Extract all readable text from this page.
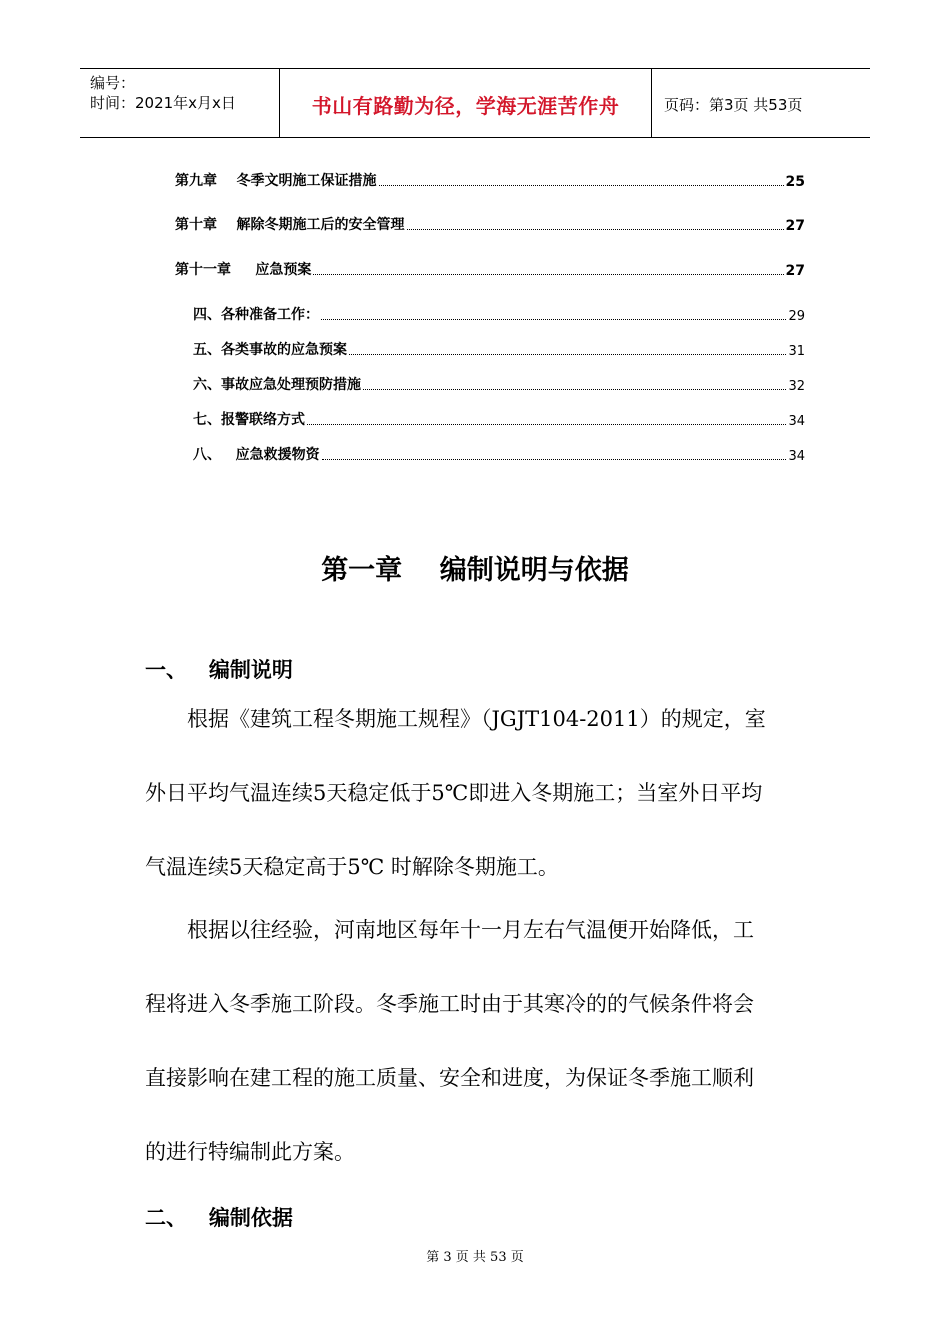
编号：
时间：2021年x月x日	书山有路勤为径，学海无涯苦作舟	页码：第3页 共53页
第九章    冬季文明施工保证措施	25
第十章    解除冬期施工后的安全管理	27
第十一章     应急预案	27
四、各种准备工作：	29
五、各类事故的应急预案	31
六、事故应急处理预防措施	32
七、报警联络方式	34
八、   应急救援物资	34
第一章    编制说明与依据
一、   编制说明
根据《建筑工程冬期施工规程》（JGJT104-2011）的规定，室
外日平均气温连续5天稳定低于5℃即进入冬期施工；当室外日平均
气温连续5天稳定高于5℃ 时解除冬期施工。
根据以往经验，河南地区每年十一月左右气温便开始降低，工
程将进入冬季施工阶段。冬季施工时由于其寒冷的的气候条件将会
直接影响在建工程的施工质量、安全和进度，为保证冬季施工顺利
的进行特编制此方案。
二、   编制依据
第 3 页 共 53 页
